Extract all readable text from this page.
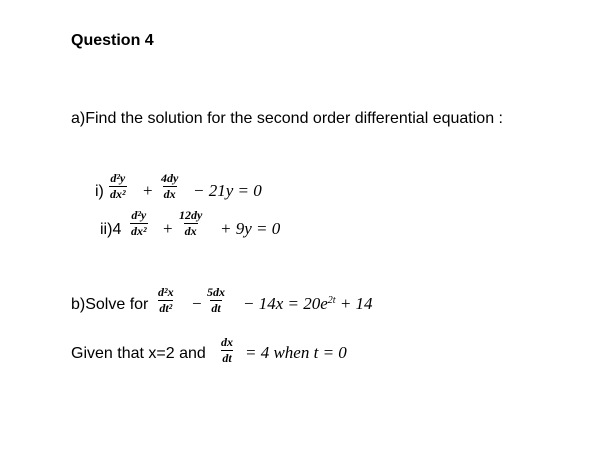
Question 4
a)Find the solution for the second order differential equation :
$i) \frac{\text{d²y}}{\text{dx²}} + \frac{4dy}{dx} - 21y = 0$
$ii)4 \frac{\text{d²y}}{\text{dx²}} + \frac{12dy}{dx} + 9y = 0$
b)Solve for $\frac{\text{d²x}}{\text{dt²}} - \frac{5dx}{dt} - 14x = 20e^{2t} + 14$
Given that x=2 and $\frac{dx}{dt} = 4$ when t = 0
